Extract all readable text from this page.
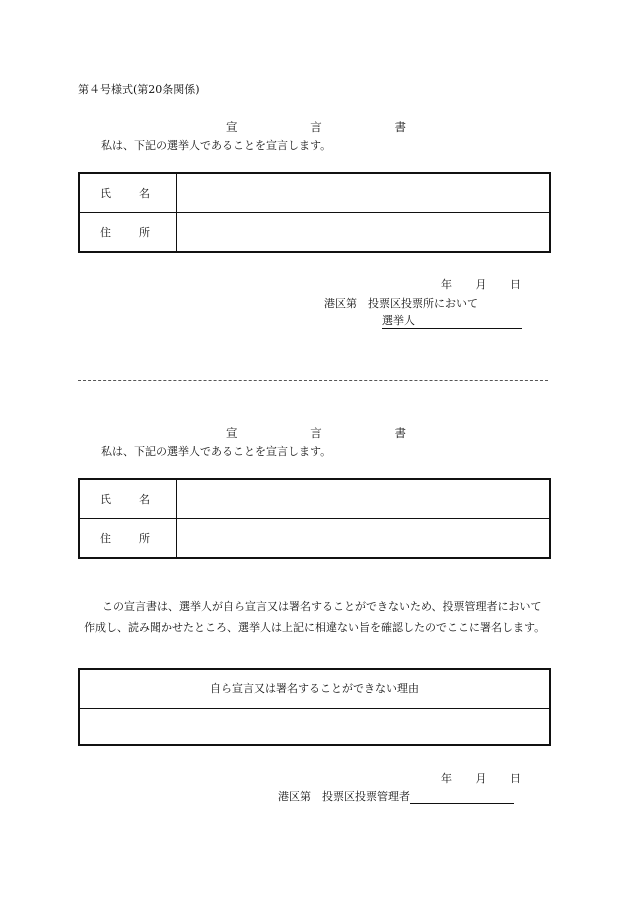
第４号様式(第20条関係)
宣	言	書
私は、下記の選挙人であることを宣言します。
氏 名	

住 所	

年 月 日
港区第　投票区投票所において
選挙人
宣	言	書
私は、下記の選挙人であることを宣言します。
氏 名	

住 所	

この宣言書は、選挙人が自ら宣言又は署名することができないため、投票管理者において作成し、読み聞かせたところ、選挙人は上記に相違ない旨を確認したのでここに署名します。
自ら宣言又は署名することができない理由
年 月 日
港区第　投票区投票管理者
